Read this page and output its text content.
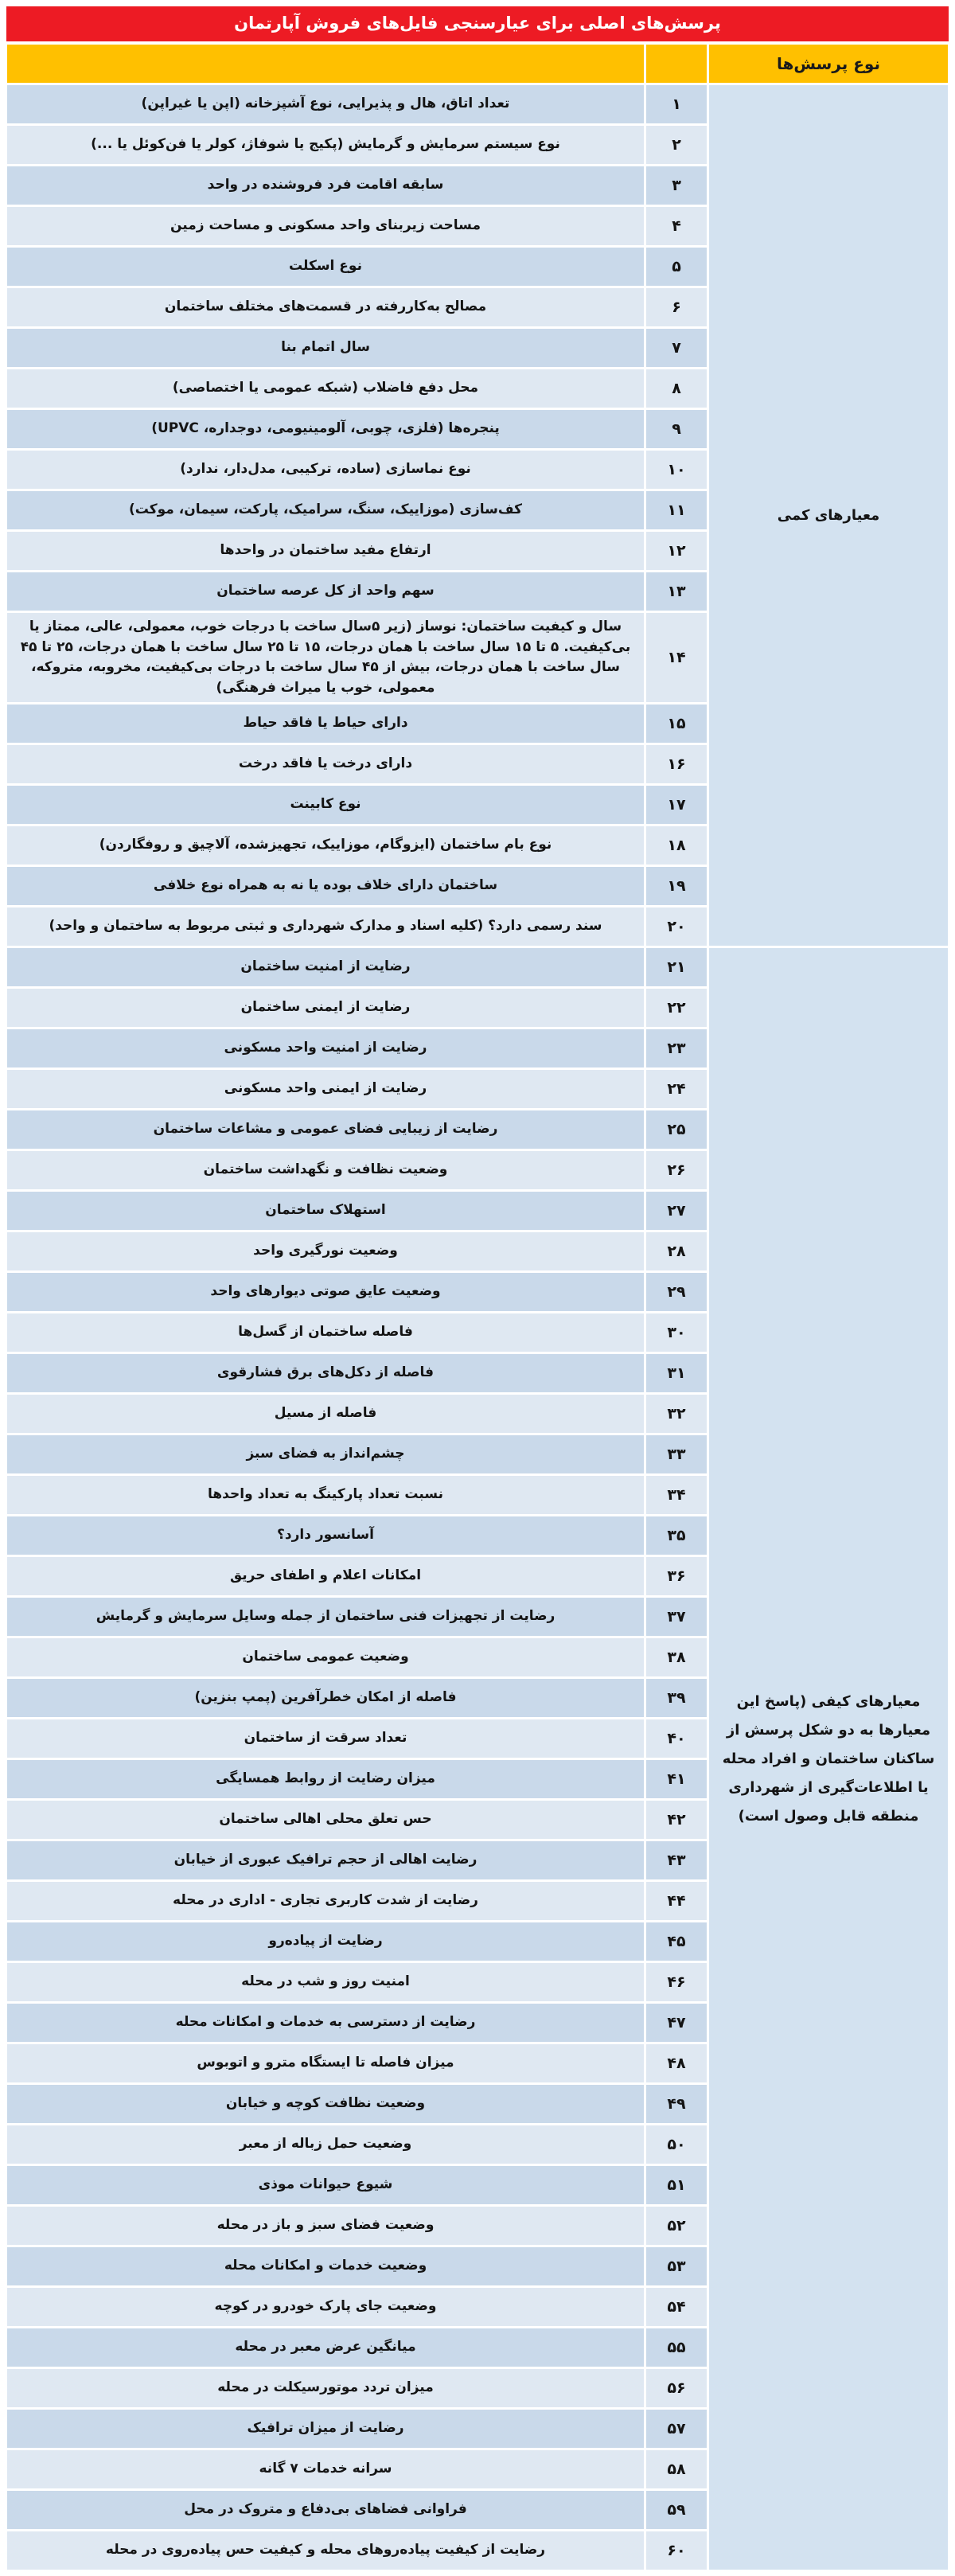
پرسش‌های اصلی برای عیارسنجی فایل‌های فروش آپارتمان
نوع پرسش‌ها		
معیارهای کمی	۱	تعداد اتاق، هال و پذیرایی، نوع آشپزخانه (اپن یا غیراپن)
	۲	نوع سیستم سرمایش و گرمایش (پکیج یا شوفاژ، کولر یا فن‌کوئل یا ...)
	۳	سابقه اقامت فرد فروشنده در واحد
	۴	مساحت زیربنای واحد مسکونی و مساحت زمین
	۵	نوع اسکلت
	۶	مصالح به‌کاررفته در قسمت‌های مختلف ساختمان
	۷	سال اتمام بنا
	۸	محل دفع فاضلاب (شبکه عمومی یا اختصاصی)
	۹	پنجره‌ها (فلزی، چوبی، آلومینیومی، دوجداره، UPVC)
	۱۰	نوع نماسازی (ساده، ترکیبی، مدل‌دار، ندارد)
	۱۱	کف‌سازی (موزاییک، سنگ، سرامیک، پارکت، سیمان، موکت)
	۱۲	ارتفاع مفید ساختمان در واحدها
	۱۳	سهم واحد از کل عرصه ساختمان
	۱۴	سال و کیفیت ساختمان: نوساز (زیر ۵سال ساخت با درجات خوب، معمولی، عالی، ممتاز یا بی‌کیفیت. ۵ تا ۱۵ سال ساخت با همان درجات، ۱۵ تا ۲۵ سال ساخت با همان درجات، ۲۵ تا ۴۵ سال ساخت با همان درجات، بیش از ۴۵ سال ساخت با درجات بی‌کیفیت، مخروبه، متروکه، معمولی، خوب یا میراث فرهنگی)
	۱۵	دارای حیاط یا فاقد حیاط
	۱۶	دارای درخت یا فاقد درخت
	۱۷	نوع کابینت
	۱۸	نوع بام ساختمان (ایزوگام، موزاییک، تجهیزشده، آلاچیق و روفگاردن)
	۱۹	ساختمان دارای خلاف بوده یا نه به همراه نوع خلافی
	۲۰	سند رسمی دارد؟ (کلیه اسناد و مدارک شهرداری و ثبتی مربوط به ساختمان و واحد)
معیارهای کیفی (پاسخ این معیارها به دو شکل پرسش از ساکنان ساختمان و افراد محله یا اطلاعات‌گیری از شهرداری منطقه قابل وصول است)	۲۱	رضایت از امنیت ساختمان
	۲۲	رضایت از ایمنی ساختمان
	۲۳	رضایت از امنیت واحد مسکونی
	۲۴	رضایت از ایمنی واحد مسکونی
	۲۵	رضایت از زیبایی فضای عمومی و مشاعات ساختمان
	۲۶	وضعیت نظافت و نگهداشت ساختمان
	۲۷	استهلاک ساختمان
	۲۸	وضعیت نورگیری واحد
	۲۹	وضعیت عایق صوتی دیوارهای واحد
	۳۰	فاصله ساختمان از گسل‌ها
	۳۱	فاصله از دکل‌های برق فشارقوی
	۳۲	فاصله از مسیل
	۳۳	چشم‌انداز به فضای سبز
	۳۴	نسبت تعداد پارکینگ به تعداد واحدها
	۳۵	آسانسور دارد؟
	۳۶	امکانات اعلام و اطفای حریق
	۳۷	رضایت از تجهیزات فنی ساختمان از جمله وسایل سرمایش و گرمایش
	۳۸	وضعیت عمومی ساختمان
	۳۹	فاصله از امکان خطرآفرین (پمپ بنزین)
	۴۰	تعداد سرقت از ساختمان
	۴۱	میزان رضایت از روابط همسایگی
	۴۲	حس تعلق محلی اهالی ساختمان
	۴۳	رضایت اهالی از حجم ترافیک عبوری از خیابان
	۴۴	رضایت از شدت کاربری تجاری - اداری در محله
	۴۵	رضایت از پیاده‌رو
	۴۶	امنیت روز و شب در محله
	۴۷	رضایت از دسترسی به خدمات و امکانات محله
	۴۸	میزان فاصله تا ایستگاه مترو و اتوبوس
	۴۹	وضعیت نظافت کوچه و خیابان
	۵۰	وضعیت حمل زباله از معبر
	۵۱	شیوع حیوانات موذی
	۵۲	وضعیت فضای سبز و باز در محله
	۵۳	وضعیت خدمات و امکانات محله
	۵۴	وضعیت جای پارک خودرو در کوچه
	۵۵	میانگین عرض معبر در محله
	۵۶	میزان تردد موتورسیکلت در محله
	۵۷	رضایت از میزان ترافیک
	۵۸	سرانه خدمات ۷ گانه
	۵۹	فراوانی فضاهای بی‌دفاع و متروک در محل
	۶۰	رضایت از کیفیت پیاده‌روهای محله و کیفیت حس پیاده‌روی در محله
